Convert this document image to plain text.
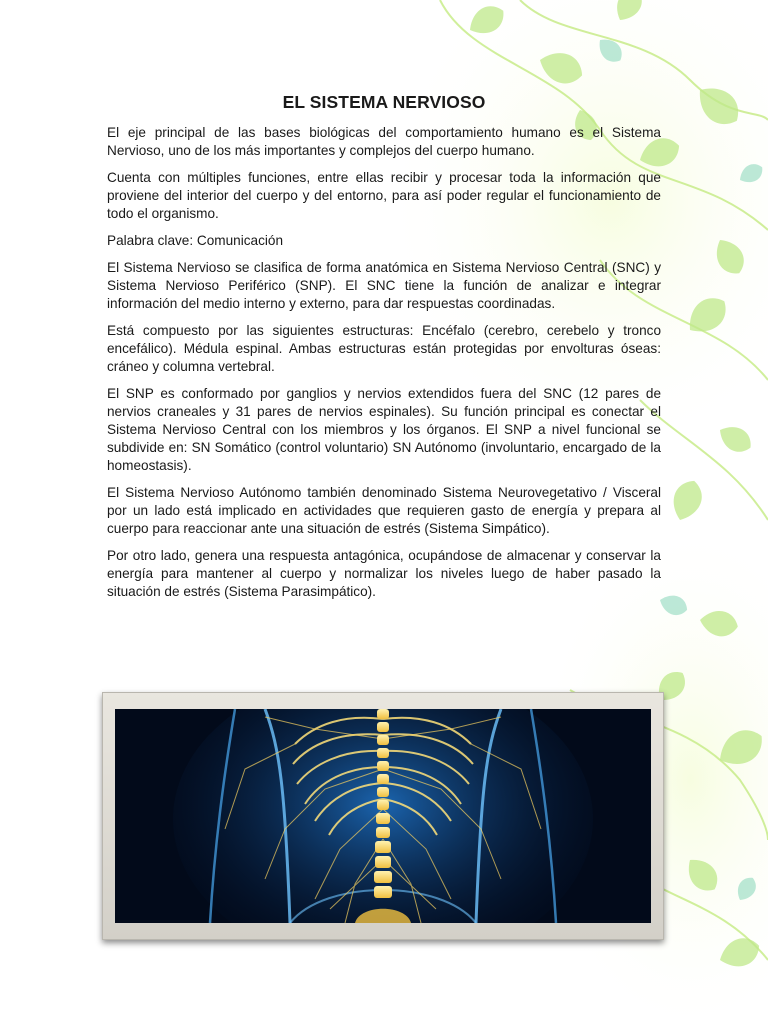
EL SISTEMA NERVIOSO

El eje principal de las bases biológicas del comportamiento humano es el Sistema Nervioso, uno de los más importantes y complejos del cuerpo humano.

Cuenta con múltiples funciones, entre ellas recibir y procesar toda la información que proviene del interior del cuerpo y del entorno, para así poder regular el funcionamiento de todo el organismo.

Palabra clave: Comunicación

El Sistema Nervioso se clasifica de forma anatómica en Sistema Nervioso Central (SNC) y Sistema Nervioso Periférico (SNP). El SNC tiene la función de analizar e integrar información del medio interno y externo, para dar respuestas coordinadas.

Está compuesto por las siguientes estructuras: Encéfalo (cerebro, cerebelo y tronco encefálico). Médula espinal. Ambas estructuras están protegidas por envolturas óseas: cráneo y columna vertebral.

El SNP es conformado por ganglios y nervios extendidos fuera del SNC (12 pares de nervios craneales y 31 pares de nervios espinales). Su función principal es conectar el Sistema Nervioso Central con los miembros y los órganos. El SNP a nivel funcional se subdivide en: SN Somático (control voluntario) SN Autónomo (involuntario, encargado de la homeostasis).

El Sistema Nervioso Autónomo también denominado Sistema Neurovegetativo / Visceral por un lado está implicado en actividades que requieren gasto de energía y prepara al cuerpo para reaccionar ante una situación de estrés (Sistema Simpático).

Por otro lado, genera una respuesta antagónica, ocupándose de almacenar y conservar la energía para mantener al cuerpo y normalizar los niveles luego de haber pasado la situación de estrés (Sistema Parasimpático).
